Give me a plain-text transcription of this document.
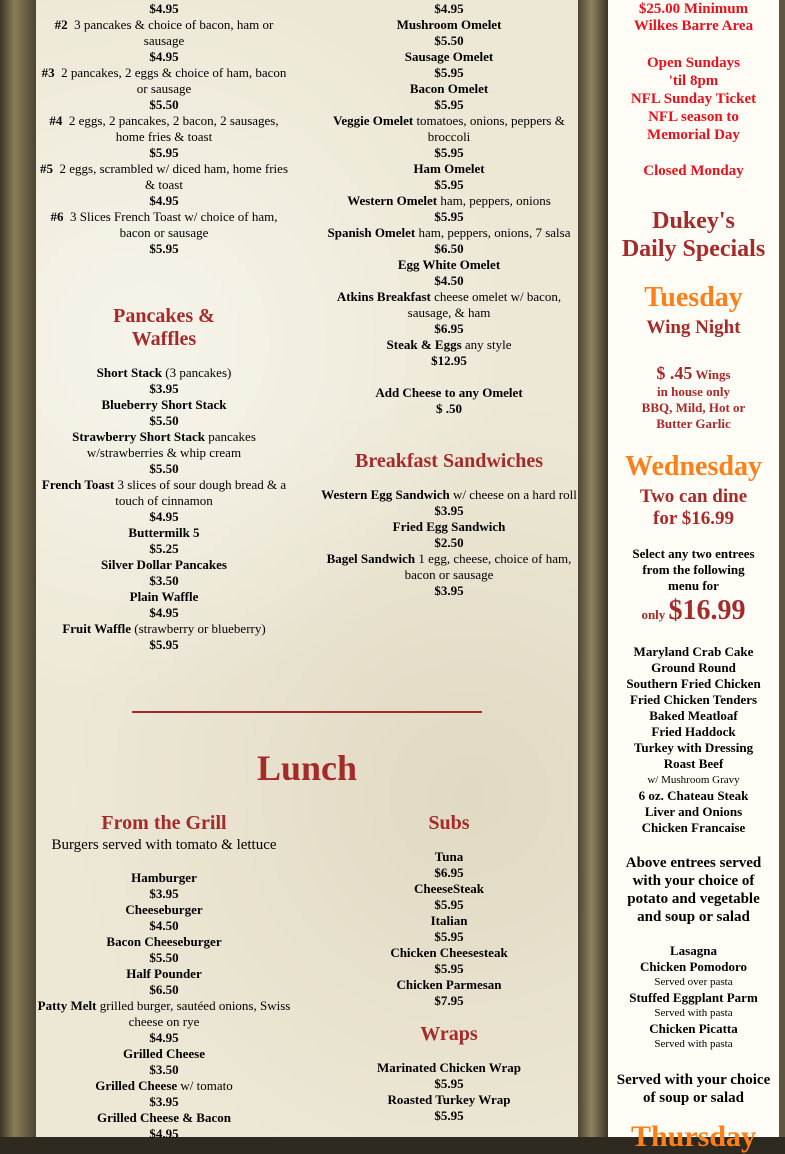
$4.95
#2 3 pancakes & choice of bacon, ham or sausage
$4.95
#3 2 pancakes, 2 eggs & choice of ham, bacon or sausage
$5.50
#4 2 eggs, 2 pancakes, 2 bacon, 2 sausages, home fries & toast
$5.95
#5 2 eggs, scrambled w/ diced ham, home fries & toast
$4.95
#6 3 Slices French Toast w/ choice of ham, bacon or sausage
$5.95
Pancakes &
Waffles
Short Stack (3 pancakes)
$3.95
Blueberry Short Stack
$5.50
Strawberry Short Stack pancakes w/strawberries & whip cream
$5.50
French Toast 3 slices of sour dough bread & a touch of cinnamon
$4.95
Buttermilk 5
$5.25
Silver Dollar Pancakes
$3.50
Plain Waffle
$4.95
Fruit Waffle (strawberry or blueberry)
$5.95
$4.95
Mushroom Omelet
$5.50
Sausage Omelet
$5.95
Bacon Omelet
$5.95
Veggie Omelet tomatoes, onions, peppers & broccoli
$5.95
Ham Omelet
$5.95
Western Omelet ham, peppers, onions
$5.95
Spanish Omelet ham, peppers, onions, 7 salsa
$6.50
Egg White Omelet
$4.50
Atkins Breakfast cheese omelet w/ bacon, sausage, & ham
$6.95
Steak & Eggs any style
$12.95
Add Cheese to any Omelet
$ .50
Breakfast Sandwiches
Western Egg Sandwich w/ cheese on a hard roll
$3.95
Fried Egg Sandwich
$2.50
Bagel Sandwich 1 egg, cheese, choice of ham, bacon or sausage
$3.95
Lunch
From the Grill
Burgers served with tomato & lettuce
Hamburger
$3.95
Cheeseburger
$4.50
Bacon Cheeseburger
$5.50
Half Pounder
$6.50
Patty Melt grilled burger, sautéed onions, Swiss cheese on rye
$4.95
Grilled Cheese
$3.50
Grilled Cheese w/ tomato
$3.95
Grilled Cheese & Bacon
$4.95
Subs
Tuna
$6.95
CheeseSteak
$5.95
Italian
$5.95
Chicken Cheesesteak
$5.95
Chicken Parmesan
$7.95
Wraps
Marinated Chicken Wrap
$5.95
Roasted Turkey Wrap
$5.95
$25.00 Minimum
Wilkes Barre Area
Open Sundays
'til 8pm
NFL Sunday Ticket
NFL season to
Memorial Day
Closed Monday
Dukey's
Daily Specials
Tuesday
Wing Night
$ .45 Wings
in house only
BBQ, Mild, Hot or
Butter Garlic
Wednesday
Two can dine
for $16.99
Select any two entrees
from the following
menu for
only $16.99
Maryland Crab Cake
Ground Round
Southern Fried Chicken
Fried Chicken Tenders
Baked Meatloaf
Fried Haddock
Turkey with Dressing
Roast Beef
w/ Mushroom Gravy
6 oz. Chateau Steak
Liver and Onions
Chicken Francaise
Above entrees served
with your choice of
potato and vegetable
and soup or salad
Lasagna
Chicken Pomodoro
Served over pasta
Stuffed Eggplant Parm
Served with pasta
Chicken Picatta
Served with pasta
Served with your choice
of soup or salad
Thursday
